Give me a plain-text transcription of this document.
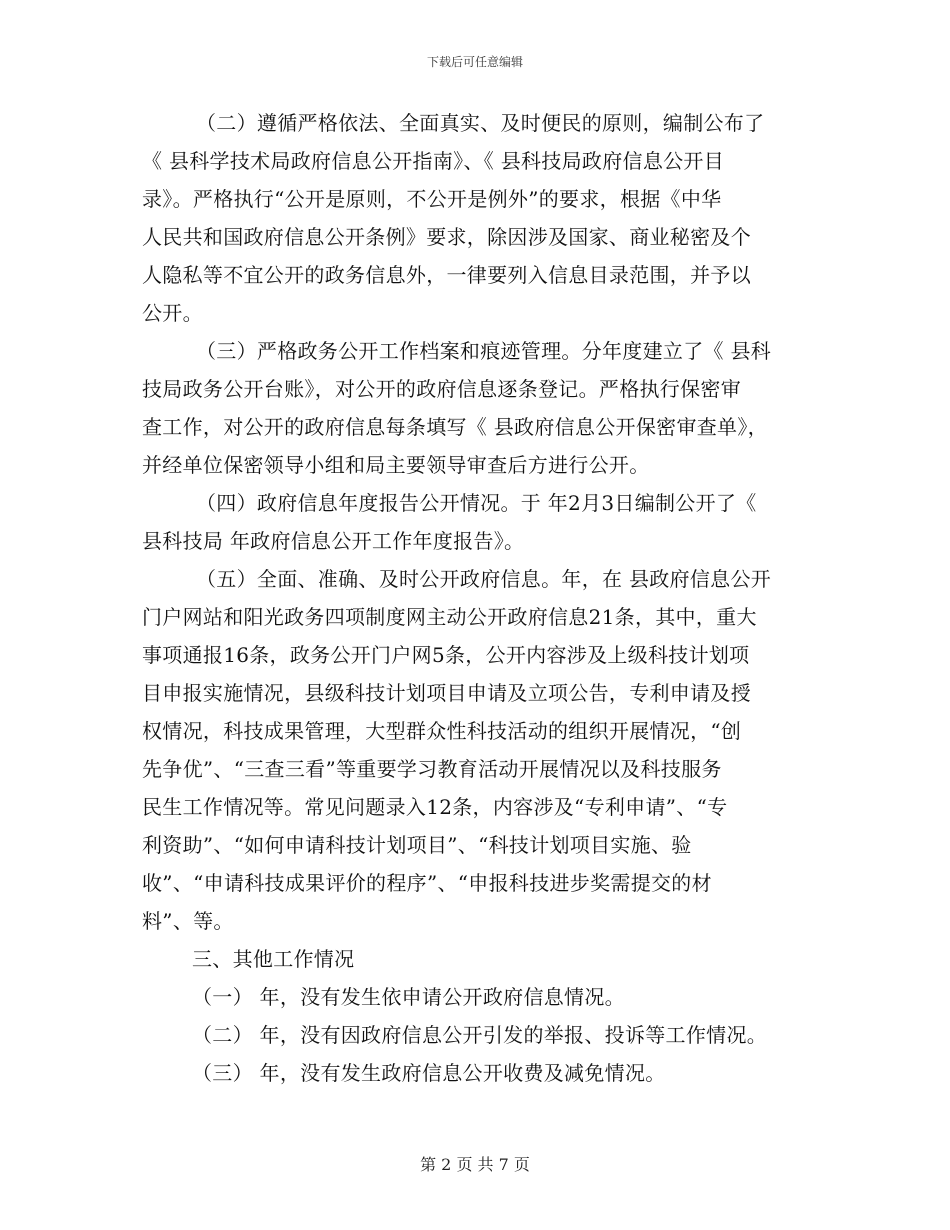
下载后可任意编辑
（二）遵循严格依法、全面真实、及时便民的原则，编制公布了
《 县科学技术局政府信息公开指南》、《 县科技局政府信息公开目
录》。严格执行“公开是原则，不公开是例外”的要求，根据《中华
人民共和国政府信息公开条例》要求，除因涉及国家、商业秘密及个
人隐私等不宜公开的政务信息外，一律要列入信息目录范围，并予以
公开。
（三）严格政务公开工作档案和痕迹管理。分年度建立了《 县科
技局政务公开台账》，对公开的政府信息逐条登记。严格执行保密审
查工作，对公开的政府信息每条填写《 县政府信息公开保密审查单》，
并经单位保密领导小组和局主要领导审查后方进行公开。
（四）政府信息年度报告公开情况。于 年2月3日编制公开了《
县科技局 年政府信息公开工作年度报告》。
（五）全面、准确、及时公开政府信息。年，在 县政府信息公开
门户网站和阳光政务四项制度网主动公开政府信息21条，其中，重大
事项通报16条，政务公开门户网5条，公开内容涉及上级科技计划项
目申报实施情况，县级科技计划项目申请及立项公告，专利申请及授
权情况，科技成果管理，大型群众性科技活动的组织开展情况，“创
先争优”、“三查三看”等重要学习教育活动开展情况以及科技服务
民生工作情况等。常见问题录入12条，内容涉及“专利申请”、“专
利资助”、“如何申请科技计划项目”、“科技计划项目实施、验
收”、“申请科技成果评价的程序”、“申报科技进步奖需提交的材
料”、等。
三、其他工作情况
（一） 年，没有发生依申请公开政府信息情况。
（二） 年，没有因政府信息公开引发的举报、投诉等工作情况。
（三） 年，没有发生政府信息公开收费及减免情况。
第 2 页 共 7 页
